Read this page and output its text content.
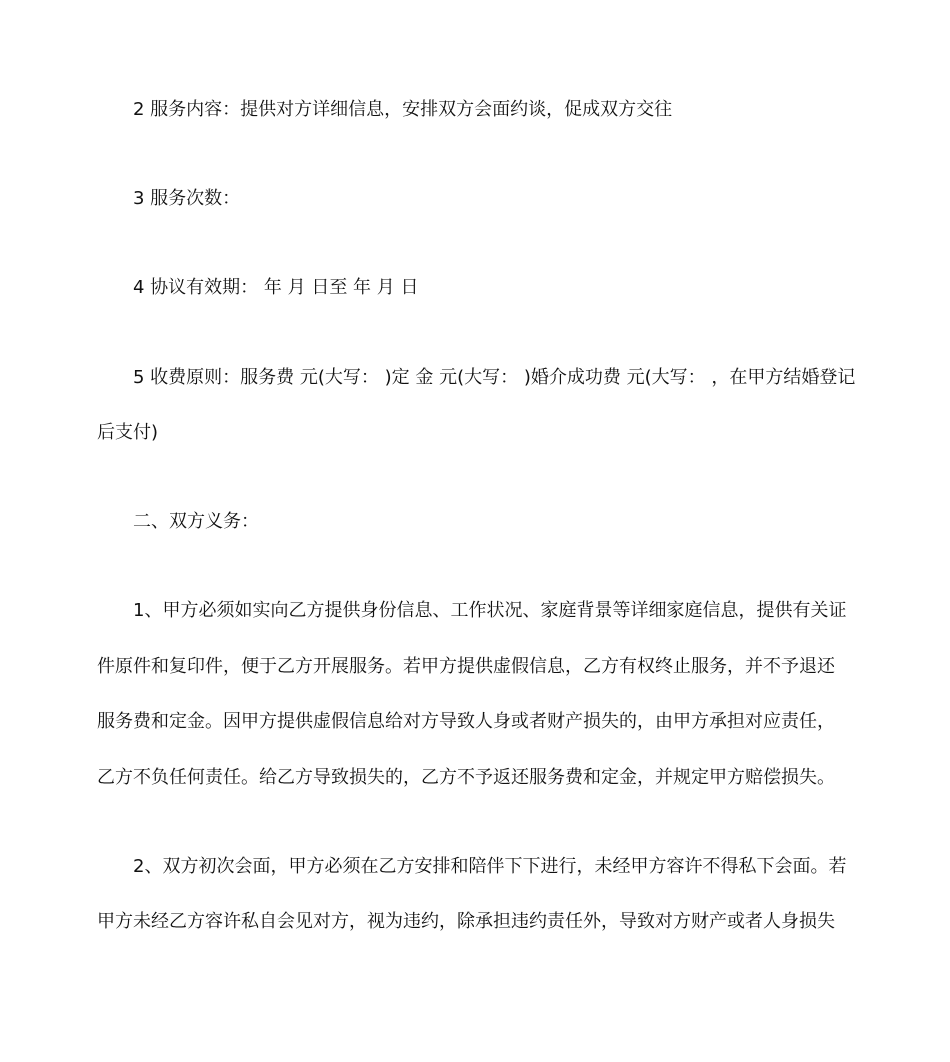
2 服务内容：提供对方详细信息，安排双方会面约谈，促成双方交往
3 服务次数：
4 协议有效期： 年 月 日至 年 月 日
5 收费原则：服务费 元(大写： )定 金 元(大写： )婚介成功费 元(大写： ，在甲方结婚登记
后支付)
二、双方义务：
1、甲方必须如实向乙方提供身份信息、工作状况、家庭背景等详细家庭信息，提供有关证
件原件和复印件，便于乙方开展服务。若甲方提供虚假信息，乙方有权终止服务，并不予退还
服务费和定金。因甲方提供虚假信息给对方导致人身或者财产损失的，由甲方承担对应责任，
乙方不负任何责任。给乙方导致损失的，乙方不予返还服务费和定金，并规定甲方赔偿损失。
2、双方初次会面，甲方必须在乙方安排和陪伴下下进行，未经甲方容许不得私下会面。若
甲方未经乙方容许私自会见对方，视为违约，除承担违约责任外，导致对方财产或者人身损失
